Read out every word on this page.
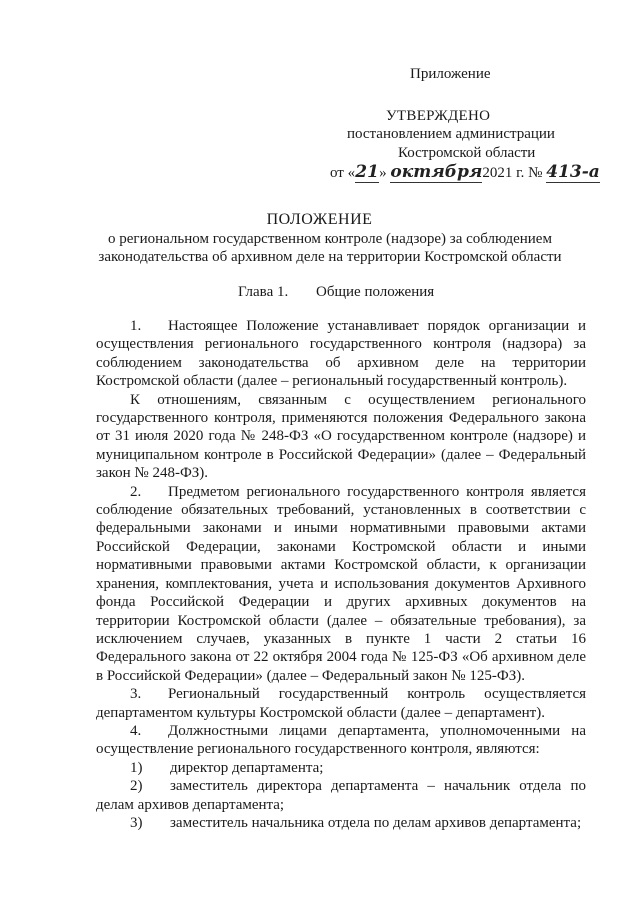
Приложение
УТВЕРЖДЕНО
постановлением администрации
Костромской области
от «21» октября2021 г. № 413-а
ПОЛОЖЕНИЕ
о региональном государственном контроле (надзоре) за соблюдением законодательства об архивном деле на территории Костромской области
Глава 1. Общие положения

1. Настоящее Положение устанавливает порядок организации и осуществления регионального государственного контроля (надзора) за соблюдением законодательства об архивном деле на территории Костромской области (далее – региональный государственный контроль).

К отношениям, связанным с осуществлением регионального государственного контроля, применяются положения Федерального закона от 31 июля 2020 года № 248-ФЗ «О государственном контроле (надзоре) и муниципальном контроле в Российской Федерации» (далее – Федеральный закон № 248-ФЗ).

2. Предметом регионального государственного контроля является соблюдение обязательных требований, установленных в соответствии с федеральными законами и иными нормативными правовыми актами Российской Федерации, законами Костромской области и иными нормативными правовыми актами Костромской области, к организации хранения, комплектования, учета и использования документов Архивного фонда Российской Федерации и других архивных документов на территории Костромской области (далее – обязательные требования), за исключением случаев, указанных в пункте 1 части 2 статьи 16 Федерального закона от 22 октября 2004 года № 125-ФЗ «Об архивном деле в Российской Федерации» (далее – Федеральный закон № 125-ФЗ).

3. Региональный государственный контроль осуществляется департаментом культуры Костромской области (далее – департамент).

4. Должностными лицами департамента, уполномоченными на осуществление регионального государственного контроля, являются:

1) директор департамента;

2) заместитель директора департамента – начальник отдела по делам архивов департамента;

3) заместитель начальника отдела по делам архивов департамента;
